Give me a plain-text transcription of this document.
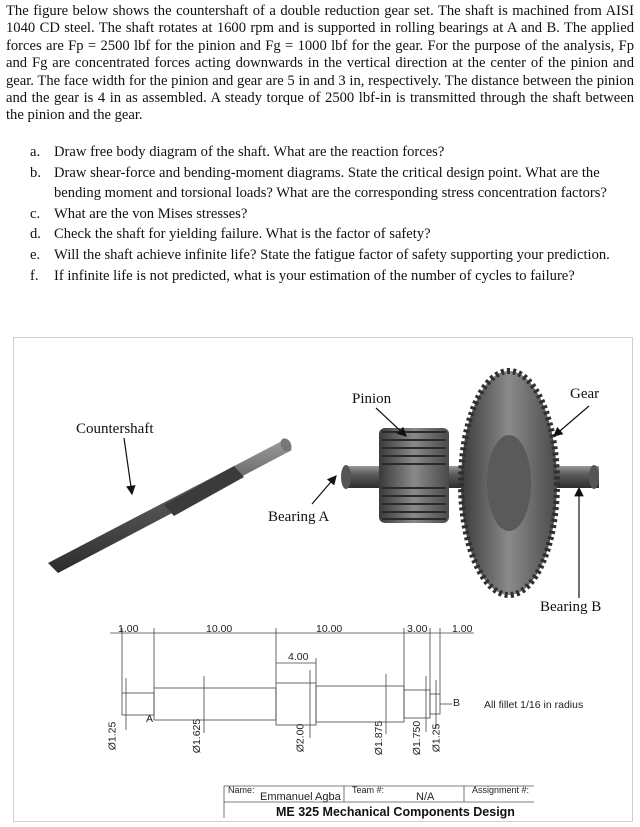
The figure below shows the countershaft of a double reduction gear set. The shaft is machined from AISI 1040 CD steel. The shaft rotates at 1600 rpm and is supported in rolling bearings at A and B. The applied forces are Fp = 2500 lbf for the pinion and Fg = 1000 lbf for the gear. For the purpose of the analysis, Fp and Fg are concentrated forces acting downwards in the vertical direction at the center of the pinion and gear. The face width for the pinion and gear are 5 in and 3 in, respectively. The distance between the pinion and the gear is 4 in as assembled. A steady torque of 2500 lbf-in is transmitted through the shaft between the pinion and the gear.

a. Draw free body diagram of the shaft. What are the reaction forces?
b. Draw shear-force and bending-moment diagrams. State the critical design point. What are the bending moment and torsional loads? What are the corresponding stress concentration factors?
c. What are the von Mises stresses?
d. Check the shaft for yielding failure. What is the factor of safety?
e. Will the shaft achieve infinite life? State the fatigue factor of safety supporting your prediction.
f.	If infinite life is not predicted, what is your estimation of the number of cycles to failure?
Countershaft
Pinion	Gear
Bearing A
Bearing B
1.00	10.00	10.00	3.00 1.00
4.00
Ø1.25	Ø1.625	Ø2.00	Ø1.875 Ø1.750 Ø1.25
A
B All fillet 1/16 in radius
Name:
Emmanuel Agba
Team #:
N/A
Assignment #:
ME 325 Mechanical Components Design
